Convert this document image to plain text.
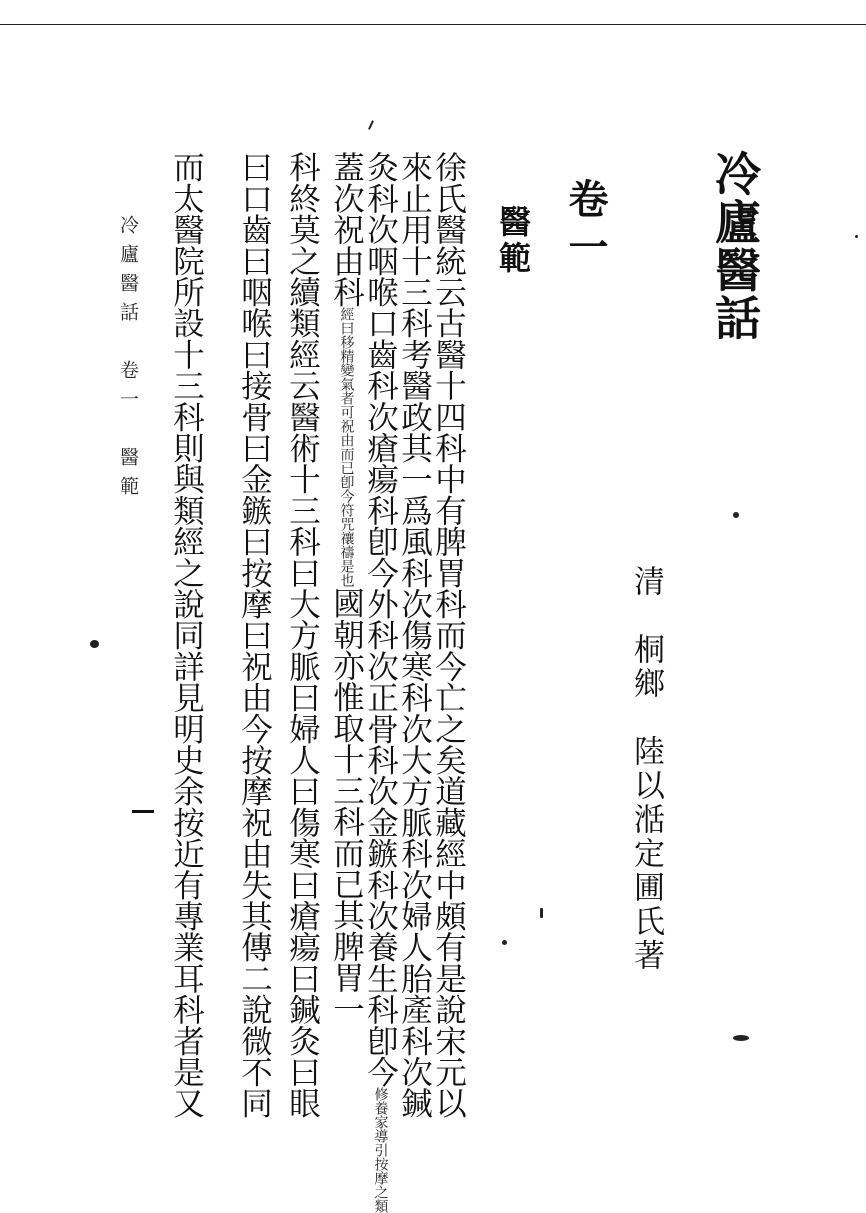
冷廬醫話
清　桐鄉　陸以湉定圃氏著
卷一
醫範
徐氏醫統云古醫十四科中有脾胃科而今亡之矣道藏經中頗有是說宋元以
來止用十三科考醫政其一爲風科次傷寒科次大方脈科次婦人胎產科次鍼
灸科次咽喉口齒科次瘡瘍科卽今外科次正骨科次金鏃科次養生科卽今修養家導引按摩之類
蓋次祝由科經曰移精變氣者可祝由而已卽今符咒禳禱是也國朝亦惟取十三科而已其脾胃一
科終莫之續類經云醫術十三科曰大方脈曰婦人曰傷寒曰瘡瘍曰鍼灸曰眼
曰口齒曰咽喉曰接骨曰金鏃曰按摩曰祝由今按摩祝由失其傳二說微不同
而太醫院所設十三科則與類經之說同詳見明史余按近有專業耳科者是又
冷廬醫話　卷一　醫範
